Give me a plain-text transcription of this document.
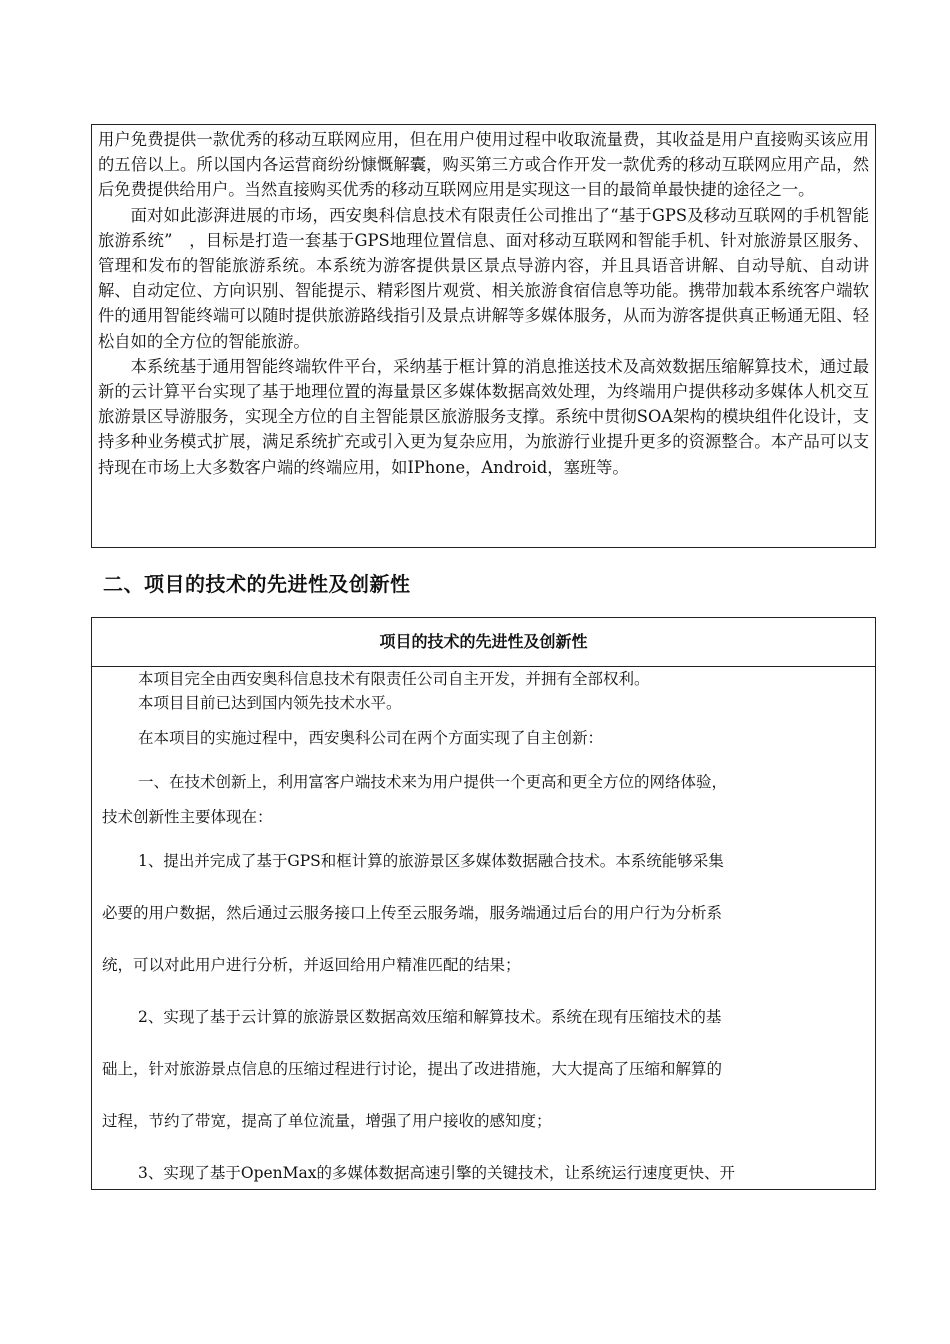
用户免费提供一款优秀的移动互联网应用，但在用户使用过程中收取流量费，其收益是用户直接购买该应用的五倍以上。所以国内各运营商纷纷慷慨解囊，购买第三方或合作开发一款优秀的移动互联网应用产品，然后免费提供给用户。当然直接购买优秀的移动互联网应用是实现这一目的最简单最快捷的途径之一。

面对如此澎湃进展的市场，西安奥科信息技术有限责任公司推出了“基于GPS及移动互联网的手机智能旅游系统”　，目标是打造一套基于GPS地理位置信息、面对移动互联网和智能手机、针对旅游景区服务、管理和发布的智能旅游系统。本系统为游客提供景区景点导游内容，并且具语音讲解、自动导航、自动讲解、自动定位、方向识别、智能提示、精彩图片观赏、相关旅游食宿信息等功能。携带加载本系统客户端软件的通用智能终端可以随时提供旅游路线指引及景点讲解等多媒体服务，从而为游客提供真正畅通无阻、轻松自如的全方位的智能旅游。

本系统基于通用智能终端软件平台，采纳基于框计算的消息推送技术及高效数据压缩解算技术，通过最新的云计算平台实现了基于地理位置的海量景区多媒体数据高效处理，为终端用户提供移动多媒体人机交互旅游景区导游服务，实现全方位的自主智能景区旅游服务支撑。系统中贯彻SOA架构的模块组件化设计，支持多种业务模式扩展，满足系统扩充或引入更为复杂应用，为旅游行业提升更多的资源整合。本产品可以支持现在市场上大多数客户端的终端应用，如IPhone，Android，塞班等。

二、项目的技术的先进性及创新性
项目的技术的先进性及创新性

本项目完全由西安奥科信息技术有限责任公司自主开发，并拥有全部权利。

本项目目前已达到国内领先技术水平。

在本项目的实施过程中，西安奥科公司在两个方面实现了自主创新：

一、在技术创新上，利用富客户端技术来为用户提供一个更高和更全方位的网络体验，

技术创新性主要体现在：

1、提出并完成了基于GPS和框计算的旅游景区多媒体数据融合技术。本系统能够采集

必要的用户数据，然后通过云服务接口上传至云服务端，服务端通过后台的用户行为分析系

统，可以对此用户进行分析，并返回给用户精准匹配的结果；

2、实现了基于云计算的旅游景区数据高效压缩和解算技术。系统在现有压缩技术的基

础上，针对旅游景点信息的压缩过程进行讨论，提出了改进措施，大大提高了压缩和解算的

过程，节约了带宽，提高了单位流量，增强了用户接收的感知度；

3、实现了基于OpenMax的多媒体数据高速引擎的关键技术，让系统运行速度更快、开
